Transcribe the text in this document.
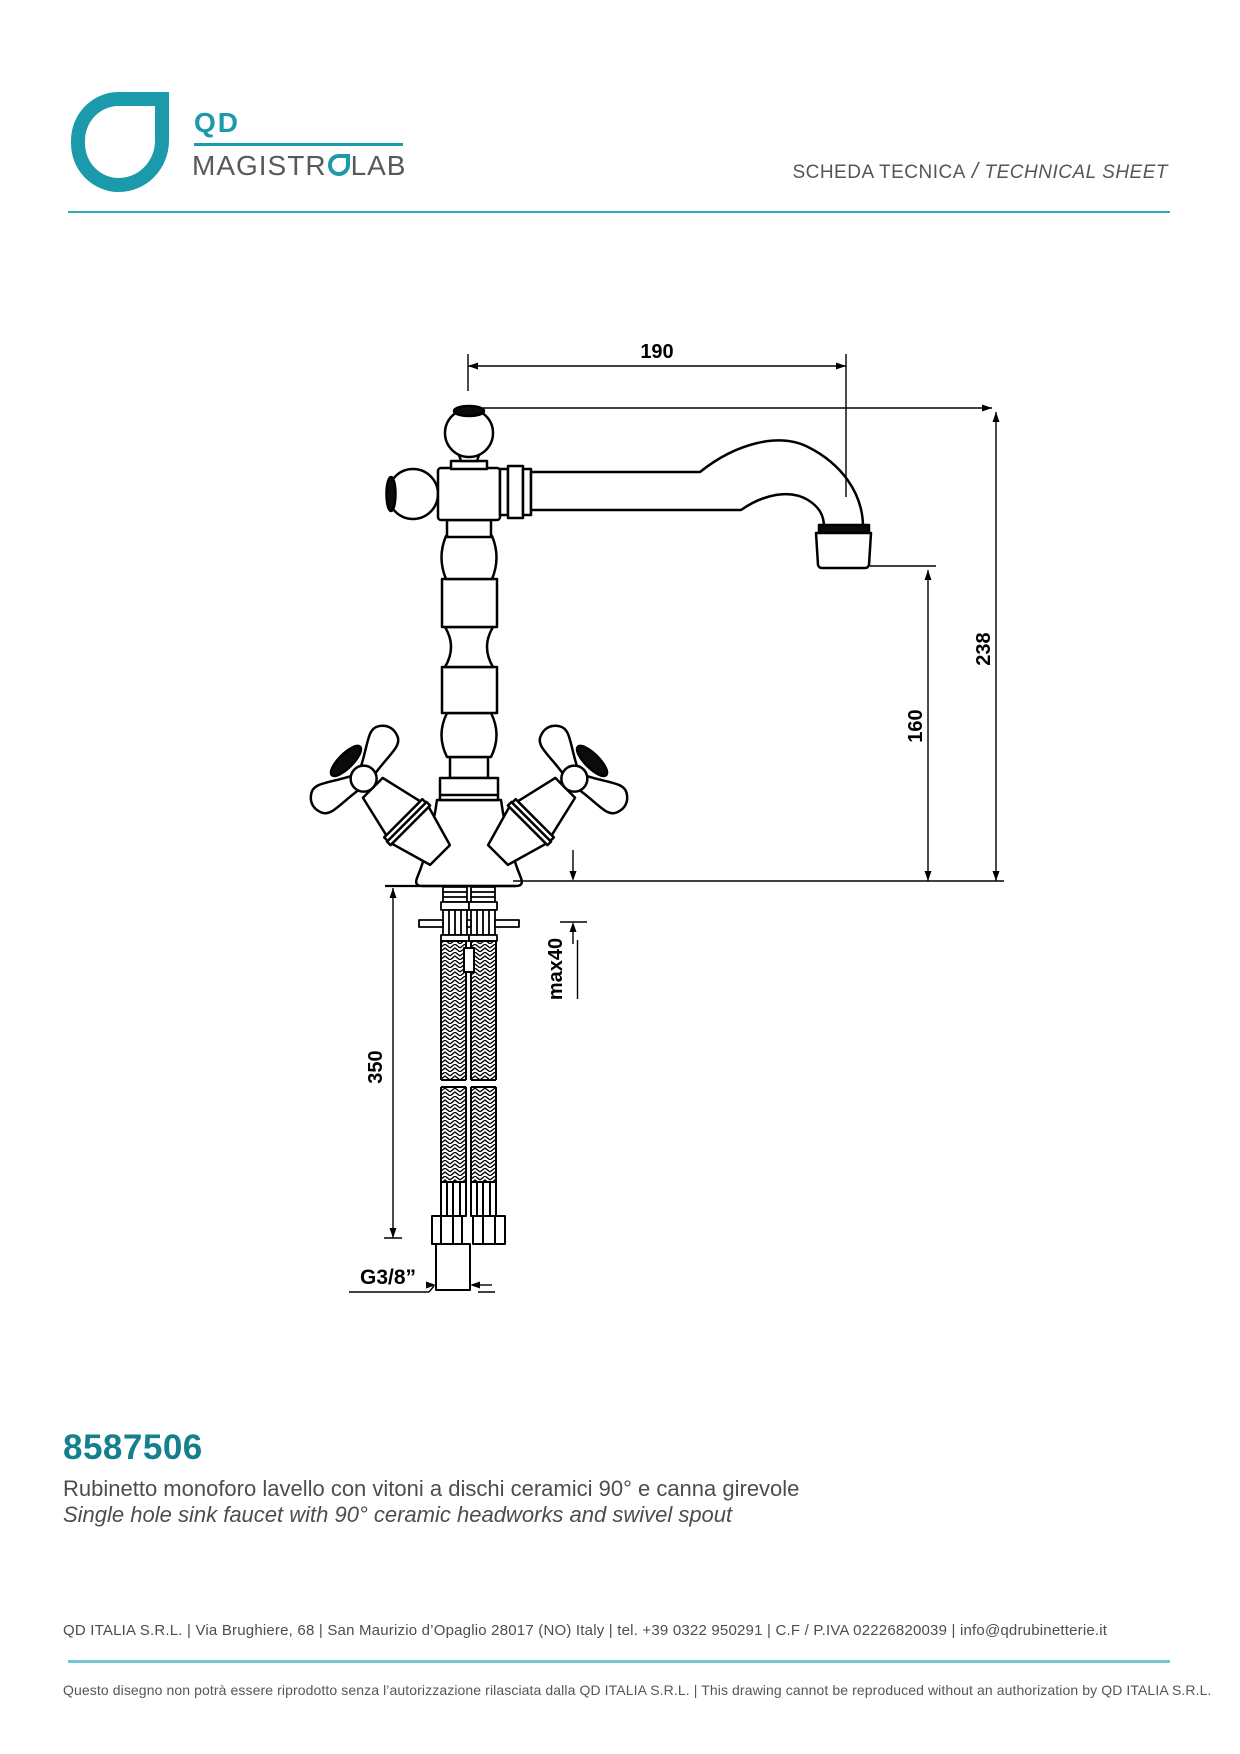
QD
MAGISTR LAB	SCHEDA TECNICA / TECHNICAL SHEET
190
238
160
max40
350
G3/8”
8587506
Rubinetto monoforo lavello con vitoni a dischi ceramici 90° e canna girevole
Single hole sink faucet with 90° ceramic headworks and swivel spout
QD ITALIA S.R.L. | Via Brughiere, 68 | San Maurizio d’Opaglio 28017 (NO) Italy | tel. +39 0322 950291 | C.F / P.IVA 02226820039 | info@qdrubinetterie.it
Questo disegno non potrà essere riprodotto senza l’autorizzazione rilasciata dalla QD ITALIA S.R.L. | This drawing cannot be reproduced without an authorization by QD ITALIA S.R.L.
